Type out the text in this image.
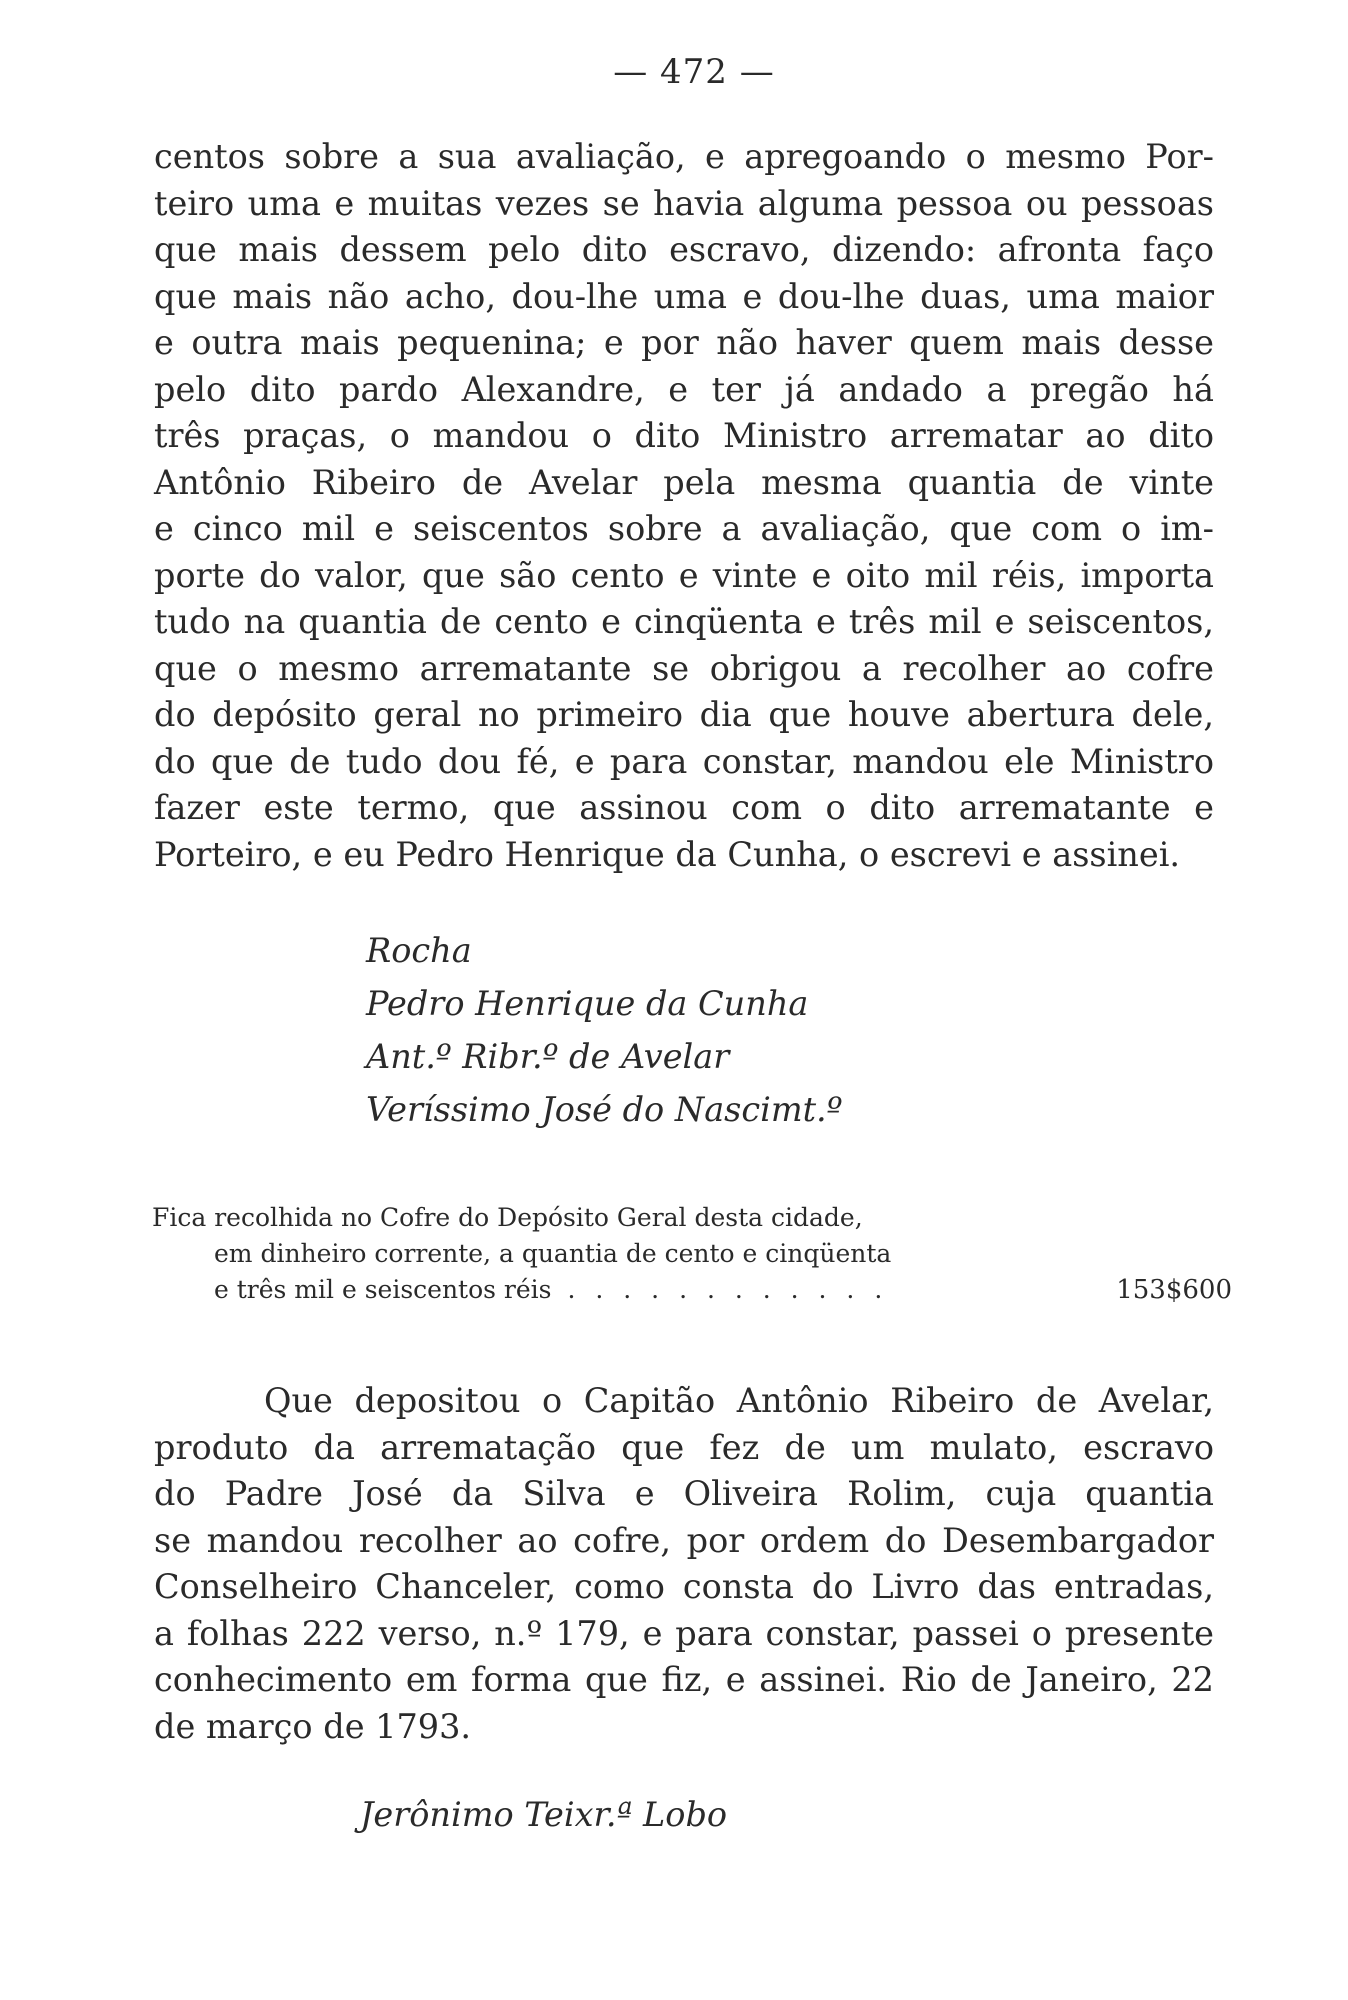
— 472 —
centos sobre a sua avaliação, e apregoando o mesmo Por-
teiro uma e muitas vezes se havia alguma pessoa ou pessoas
que mais dessem pelo dito escravo, dizendo: afronta faço
que mais não acho, dou-lhe uma e dou-lhe duas, uma maior
e outra mais pequenina; e por não haver quem mais desse
pelo dito pardo Alexandre, e ter já andado a pregão há
três praças, o mandou o dito Ministro arrematar ao dito
Antônio Ribeiro de Avelar pela mesma quantia de vinte
e cinco mil e seiscentos sobre a avaliação, que com o im-
porte do valor, que são cento e vinte e oito mil réis, importa
tudo na quantia de cento e cinqüenta e três mil e seiscentos,
que o mesmo arrematante se obrigou a recolher ao cofre
do depósito geral no primeiro dia que houve abertura dele,
do que de tudo dou fé, e para constar, mandou ele Ministro
fazer este termo, que assinou com o dito arrematante e
Porteiro, e eu Pedro Henrique da Cunha, o escrevi e assinei.
Rocha
Pedro Henrique da Cunha
Ant.º Ribr.º de Avelar
Veríssimo José do Nascimt.º
Fica recolhida no Cofre do Depósito Geral desta cidade,
em dinheiro corrente, a quantia de cento e cinqüenta
e três mil e seiscentos réis . . . . . . . . . . . .	153$600
Que depositou o Capitão Antônio Ribeiro de Avelar,
produto da arrematação que fez de um mulato, escravo
do Padre José da Silva e Oliveira Rolim, cuja quantia
se mandou recolher ao cofre, por ordem do Desembargador
Conselheiro Chanceler, como consta do Livro das entradas,
a folhas 222 verso, n.º 179, e para constar, passei o presente
conhecimento em forma que fiz, e assinei. Rio de Janeiro, 22
de março de 1793.
Jerônimo Teixr.ª Lobo
